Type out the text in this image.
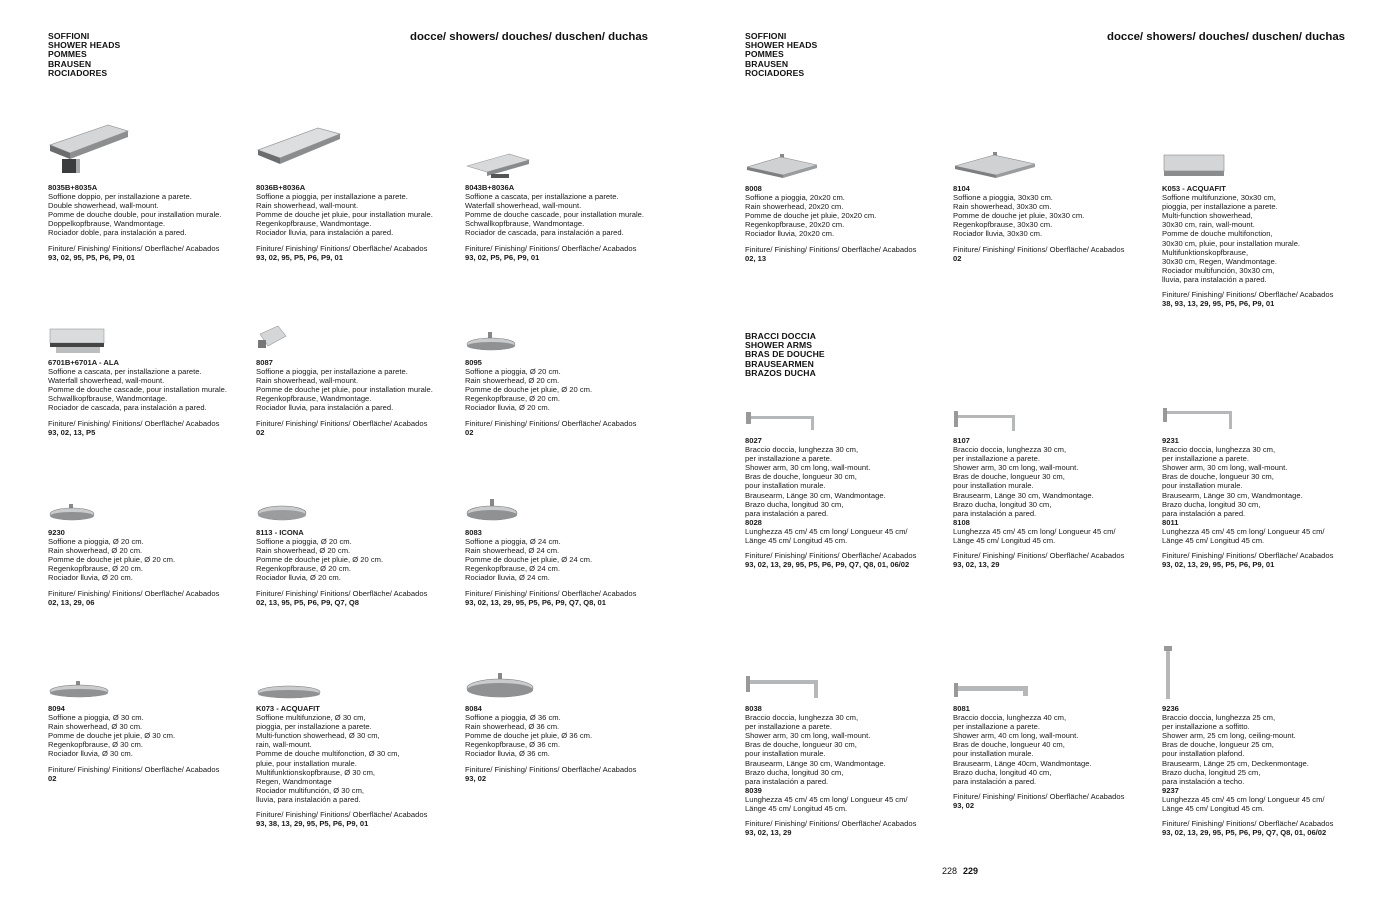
SOFFIONI
SHOWER HEADS
POMMES
BRAUSEN
ROCIADORES
docce/ showers/ douches/ duschen/ duchas
8035B+8035A
Soffione doppio, per installazione a parete.
Double showerhead, wall-mount.
Pomme de douche double, pour installation murale.
Doppelkopfbrause, Wandmontage.
Rociador doble, para instalación a pared.
Finiture/ Finishing/ Finitions/ Oberfläche/ Acabados
93, 02, 95, P5, P6, P9, 01
8036B+8036A
Soffione a pioggia, per installazione a parete.
Rain showerhead, wall-mount.
Pomme de douche jet pluie, pour installation murale.
Regenkopfbrause, Wandmontage.
Rociador lluvia, para instalación a pared.
Finiture/ Finishing/ Finitions/ Oberfläche/ Acabados
93, 02, 95, P5, P6, P9, 01
8043B+8036A
Soffione a cascata, per installazione a parete.
Waterfall showerhead, wall-mount.
Pomme de douche cascade, pour installation murale.
Schwallkopfbrause, Wandmontage.
Rociador de cascada, para instalación a pared.
Finiture/ Finishing/ Finitions/ Oberfläche/ Acabados
93, 02, P5, P6, P9, 01
6701B+6701A - ALA
Soffione a cascata, per installazione a parete.
Waterfall showerhead, wall-mount.
Pomme de douche cascade, pour installation murale.
Schwallkopfbrause, Wandmontage.
Rociador de cascada, para instalación a pared.
Finiture/ Finishing/ Finitions/ Oberfläche/ Acabados
93, 02, 13, P5
8087
Soffione a pioggia, per installazione a parete.
Rain showerhead, wall-mount.
Pomme de douche jet pluie, pour installation murale.
Regenkopfbrause, Wandmontage.
Rociador lluvia, para instalación a pared.
Finiture/ Finishing/ Finitions/ Oberfläche/ Acabados
02
8095
Soffione a pioggia, Ø 20 cm.
Rain showerhead, Ø 20 cm.
Pomme de douche jet pluie, Ø 20 cm.
Regenkopfbrause, Ø 20 cm.
Rociador lluvia, Ø 20 cm.
Finiture/ Finishing/ Finitions/ Oberfläche/ Acabados
02
9230
Soffione a pioggia, Ø 20 cm.
Rain showerhead, Ø 20 cm.
Pomme de douche jet pluie, Ø 20 cm.
Regenkopfbrause, Ø 20 cm.
Rociador lluvia, Ø 20 cm.
Finiture/ Finishing/ Finitions/ Oberfläche/ Acabados
02, 13, 29, 06
8113 - ICONA
Soffione a pioggia, Ø 20 cm.
Rain showerhead, Ø 20 cm.
Pomme de douche jet pluie, Ø 20 cm.
Regenkopfbrause, Ø 20 cm.
Rociador lluvia, Ø 20 cm.
Finiture/ Finishing/ Finitions/ Oberfläche/ Acabados
02, 13, 95, P5, P6, P9, Q7, Q8
8083
Soffione a pioggia, Ø 24 cm.
Rain showerhead, Ø 24 cm.
Pomme de douche jet pluie, Ø 24 cm.
Regenkopfbrause, Ø 24 cm.
Rociador lluvia, Ø 24 cm.
Finiture/ Finishing/ Finitions/ Oberfläche/ Acabados
93, 02, 13, 29, 95, P5, P6, P9, Q7, Q8, 01
8094
Soffione a pioggia, Ø 30 cm.
Rain showerhead, Ø 30 cm.
Pomme de douche jet pluie, Ø 30 cm.
Regenkopfbrause, Ø 30 cm.
Rociador lluvia, Ø 30 cm.
Finiture/ Finishing/ Finitions/ Oberfläche/ Acabados
02
K073 - ACQUAFIT
Soffione multifunzione, Ø 30 cm,
pioggia, per installazione a parete.
Multi-function showerhead, Ø 30 cm,
rain, wall-mount.
Pomme de douche multifonction, Ø 30 cm,
pluie, pour installation murale.
Multifunktionskopfbrause, Ø 30 cm,
Regen, Wandmontage
Rociador multifunción, Ø 30 cm,
lluvia, para instalación a pared.
Finiture/ Finishing/ Finitions/ Oberfläche/ Acabados
93, 38, 13, 29, 95, P5, P6, P9, 01
8084
Soffione a pioggia, Ø 36 cm.
Rain showerhead, Ø 36 cm.
Pomme de douche jet pluie, Ø 36 cm.
Regenkopfbrause, Ø 36 cm.
Rociador lluvia, Ø 36 cm.
Finiture/ Finishing/ Finitions/ Oberfläche/ Acabados
93, 02
SOFFIONI
SHOWER HEADS
POMMES
BRAUSEN
ROCIADORES
docce/ showers/ douches/ duschen/ duchas
BRACCI DOCCIA
SHOWER ARMS
BRAS DE DOUCHE
BRAUSEARMEN
BRAZOS DUCHA
8008
Soffione a pioggia, 20x20 cm.
Rain showerhead, 20x20 cm.
Pomme de douche jet pluie, 20x20 cm.
Regenkopfbrause, 20x20 cm.
Rociador lluvia, 20x20 cm.
Finiture/ Finishing/ Finitions/ Oberfläche/ Acabados
02, 13
8104
Soffione a pioggia, 30x30 cm.
Rain showerhead, 30x30 cm.
Pomme de douche jet pluie, 30x30 cm.
Regenkopfbrause, 30x30 cm.
Rociador lluvia, 30x30 cm.
Finiture/ Finishing/ Finitions/ Oberfläche/ Acabados
02
K053 - ACQUAFIT
Soffione multifunzione, 30x30 cm,
pioggia, per installazione a parete.
Multi-function showerhead,
30x30 cm, rain, wall-mount.
Pomme de douche multifonction,
30x30 cm, pluie, pour installation murale.
Multifunktionskopfbrause,
30x30 cm, Regen, Wandmontage.
Rociador multifunción, 30x30 cm,
lluvia, para instalación a pared.
Finiture/ Finishing/ Finitions/ Oberfläche/ Acabados
38, 93, 13, 29, 95, P5, P6, P9, 01
8027
Braccio doccia, lunghezza 30 cm,
per installazione a parete.
Shower arm, 30 cm long, wall-mount.
Bras de douche, longueur 30 cm,
pour installation murale.
Brausearm, Länge 30 cm, Wandmontage.
Brazo ducha, longitud 30 cm,
para instalación a pared.
8028
Lunghezza 45 cm/ 45 cm long/ Longueur 45 cm/
Länge 45 cm/ Longitud 45 cm.
Finiture/ Finishing/ Finitions/ Oberfläche/ Acabados
93, 02, 13, 29, 95, P5, P6, P9, Q7, Q8, 01, 06/02
8107
Braccio doccia, lunghezza 30 cm,
per installazione a parete.
Shower arm, 30 cm long, wall-mount.
Bras de douche, longueur 30 cm,
pour installation murale.
Brausearm, Länge 30 cm, Wandmontage.
Brazo ducha, longitud 30 cm,
para instalación a pared.
8108
Lunghezza 45 cm/ 45 cm long/ Longueur 45 cm/
Länge 45 cm/ Longitud 45 cm.
Finiture/ Finishing/ Finitions/ Oberfläche/ Acabados
93, 02, 13, 29
9231
Braccio doccia, lunghezza 30 cm,
per installazione a parete.
Shower arm, 30 cm long, wall-mount.
Bras de douche, longueur 30 cm,
pour installation murale.
Brausearm, Länge 30 cm, Wandmontage.
Brazo ducha, longitud 30 cm,
para instalación a pared.
8011
Lunghezza 45 cm/ 45 cm long/ Longueur 45 cm/
Länge 45 cm/ Longitud 45 cm.
Finiture/ Finishing/ Finitions/ Oberfläche/ Acabados
93, 02, 13, 29, 95, P5, P6, P9, 01
8038
Braccio doccia, lunghezza 30 cm,
per installazione a parete.
Shower arm, 30 cm long, wall-mount.
Bras de douche, longueur 30 cm,
pour installation murale.
Brausearm, Länge 30 cm, Wandmontage.
Brazo ducha, longitud 30 cm,
para instalación a pared.
8039
Lunghezza 45 cm/ 45 cm long/ Longueur 45 cm/
Länge 45 cm/ Longitud 45 cm.
Finiture/ Finishing/ Finitions/ Oberfläche/ Acabados
93, 02, 13, 29
8081
Braccio doccia, lunghezza 40 cm,
per installazione a parete.
Shower arm, 40 cm long, wall-mount.
Bras de douche, longueur 40 cm,
pour installation murale.
Brausearm, Länge 40cm, Wandmontage.
Brazo ducha, longitud 40 cm,
para instalación a pared.
Finiture/ Finishing/ Finitions/ Oberfläche/ Acabados
93, 02
9236
Braccio doccia, lunghezza 25 cm,
per installazione a soffitto.
Shower arm, 25 cm long, ceiling-mount.
Bras de douche, longueur 25 cm,
pour installation plafond.
Brausearm, Länge 25 cm, Deckenmontage.
Brazo ducha, longitud 25 cm,
para instalación a techo.
9237
Lunghezza 45 cm/ 45 cm long/ Longueur 45 cm/
Länge 45 cm/ Longitud 45 cm.
Finiture/ Finishing/ Finitions/ Oberfläche/ Acabados
93, 02, 13, 29, 95, P5, P6, P9, Q7, Q8, 01, 06/02
228 229
